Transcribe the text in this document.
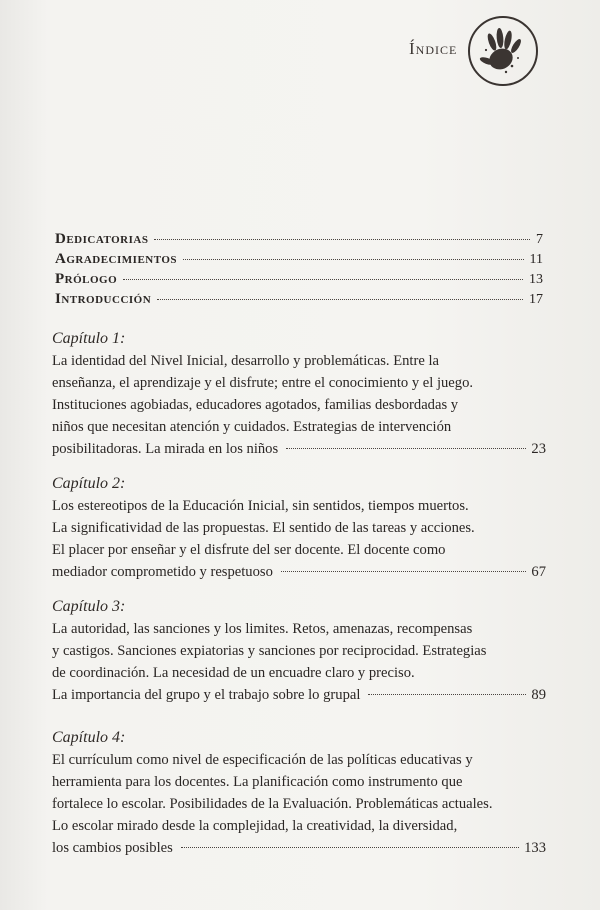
Índice
Dedicatorias	7
Agradecimientos	11
Prólogo	13
Introducción	17
Capítulo 1:
La identidad del Nivel Inicial, desarrollo y problemáticas. Entre la
enseñanza, el aprendizaje y el disfrute; entre el conocimiento y el juego.
Instituciones agobiadas, educadores agotados, familias desbordadas y
niños que necesitan atención y cuidados. Estrategias de intervención
posibilitadoras. La mirada en los niños	23
Capítulo 2:
Los estereotipos de la Educación Inicial, sin sentidos, tiempos muertos.
La significatividad de las propuestas. El sentido de las tareas y acciones.
El placer por enseñar y el disfrute del ser docente. El docente como
mediador comprometido y respetuoso	67
Capítulo 3:
La autoridad, las sanciones y los limites. Retos, amenazas, recompensas
y castigos. Sanciones expiatorias y sanciones por reciprocidad. Estrategias
de coordinación. La necesidad de un encuadre claro y preciso.
La importancia del grupo y el trabajo sobre lo grupal	89
Capítulo 4:
El currículum como nivel de especificación de las políticas educativas y
herramienta para los docentes. La planificación como instrumento que
fortalece lo escolar. Posibilidades de la Evaluación. Problemáticas actuales.
Lo escolar mirado desde la complejidad, la creatividad, la diversidad,
los cambios posibles	133
